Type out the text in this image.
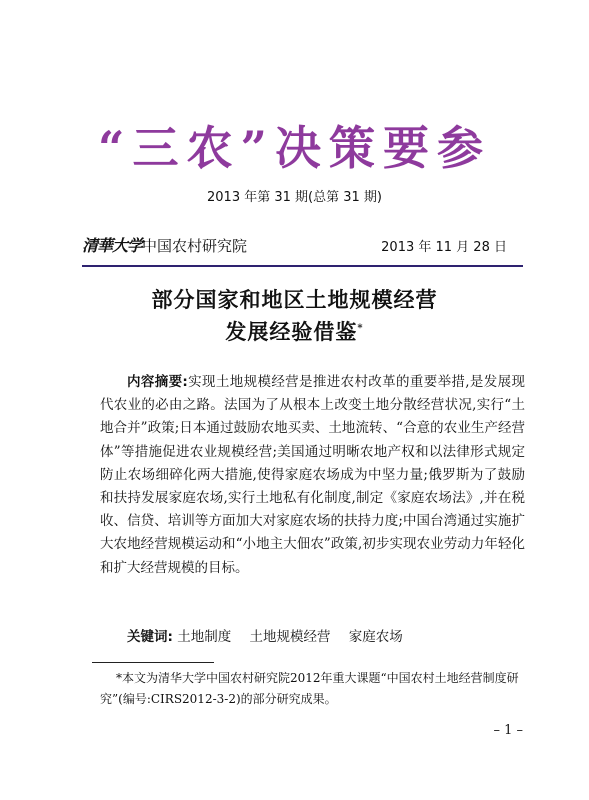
“三农”决策要参
2013 年第 31 期(总第 31 期)
清華大学中国农村研究院	2013 年 11 月 28 日
部分国家和地区土地规模经营
发展经验借鉴*
内容摘要:实现土地规模经营是推进农村改革的重要举措,是发展现代农业的必由之路。法国为了从根本上改变土地分散经营状况,实行“土地合并”政策;日本通过鼓励农地买卖、土地流转、“合意的农业生产经营体”等措施促进农业规模经营;美国通过明晰农地产权和以法律形式规定防止农场细碎化两大措施,使得家庭农场成为中坚力量;俄罗斯为了鼓励和扶持发展家庭农场,实行土地私有化制度,制定《家庭农场法》,并在税收、信贷、培训等方面加大对家庭农场的扶持力度;中国台湾通过实施扩大农地经营规模运动和“小地主大佃农”政策,初步实现农业劳动力年轻化和扩大经营规模的目标。
关键词: 土地制度 土地规模经营 家庭农场
*本文为清华大学中国农村研究院2012年重大课题“中国农村土地经营制度研究”(编号:CIRS2012-3-2)的部分研究成果。
– 1 –
